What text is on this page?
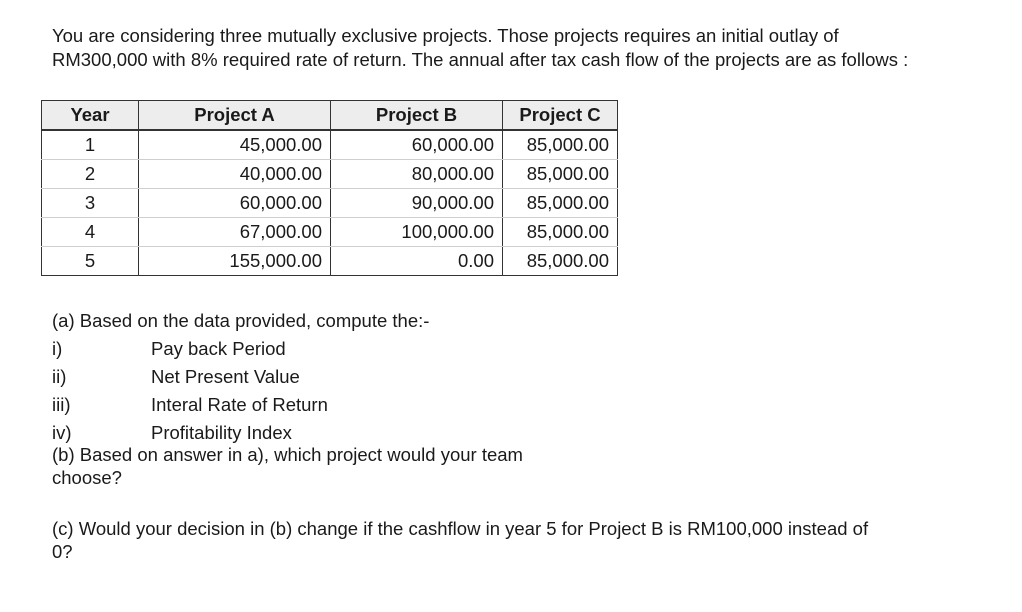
You are considering three mutually exclusive projects. Those projects requires an initial outlay of
RM300,000 with 8% required rate of return. The annual after tax cash flow of the projects are as follows :
Year	Project A	Project B	Project C
1	45,000.00	60,000.00	85,000.00
2	40,000.00	80,000.00	85,000.00
3	60,000.00	90,000.00	85,000.00
4	67,000.00	100,000.00	85,000.00
5	155,000.00	0.00	85,000.00
(a) Based on the data provided, compute the:-
i)	Pay back Period
ii)	Net Present Value
iii)	Interal Rate of Return
iv)	Profitability Index
(b) Based on answer in a), which project would your team choose?
(c) Would your decision in (b) change if the cashflow in year 5 for Project B is RM100,000 instead of 0?
